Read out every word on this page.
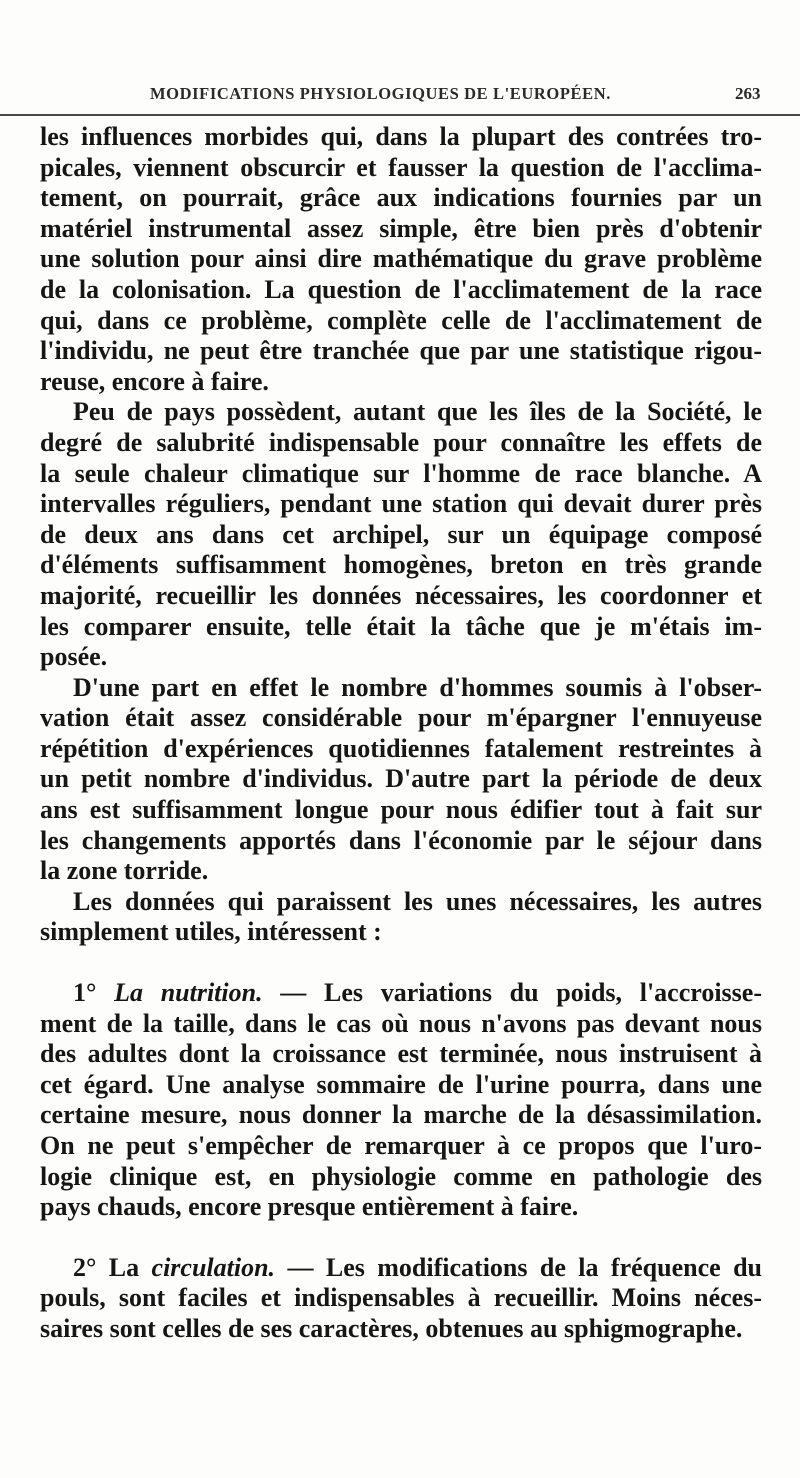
MODIFICATIONS PHYSIOLOGIQUES DE L'EUROPÉEN.	263
les influences morbides qui, dans la plupart des contrées tro-
picales, viennent obscurcir et fausser la question de l'acclima-
tement, on pourrait, grâce aux indications fournies par un
matériel instrumental assez simple, être bien près d'obtenir
une solution pour ainsi dire mathématique du grave problème
de la colonisation. La question de l'acclimatement de la race
qui, dans ce problème, complète celle de l'acclimatement de
l'individu, ne peut être tranchée que par une statistique rigou-
reuse, encore à faire.
Peu de pays possèdent, autant que les îles de la Société, le
degré de salubrité indispensable pour connaître les effets de
la seule chaleur climatique sur l'homme de race blanche. A
intervalles réguliers, pendant une station qui devait durer près
de deux ans dans cet archipel, sur un équipage composé
d'éléments suffisamment homogènes, breton en très grande
majorité, recueillir les données nécessaires, les coordonner et
les comparer ensuite, telle était la tâche que je m'étais im-
posée.
D'une part en effet le nombre d'hommes soumis à l'obser-
vation était assez considérable pour m'épargner l'ennuyeuse
répétition d'expériences quotidiennes fatalement restreintes à
un petit nombre d'individus. D'autre part la période de deux
ans est suffisamment longue pour nous édifier tout à fait sur
les changements apportés dans l'économie par le séjour dans
la zone torride.
Les données qui paraissent les unes nécessaires, les autres
simplement utiles, intéressent :
1° La nutrition. — Les variations du poids, l'accroisse-
ment de la taille, dans le cas où nous n'avons pas devant nous
des adultes dont la croissance est terminée, nous instruisent à
cet égard. Une analyse sommaire de l'urine pourra, dans une
certaine mesure, nous donner la marche de la désassimilation.
On ne peut s'empêcher de remarquer à ce propos que l'uro-
logie clinique est, en physiologie comme en pathologie des
pays chauds, encore presque entièrement à faire.
2° La circulation. — Les modifications de la fréquence du
pouls, sont faciles et indispensables à recueillir. Moins néces-
saires sont celles de ses caractères, obtenues au sphigmographe.
